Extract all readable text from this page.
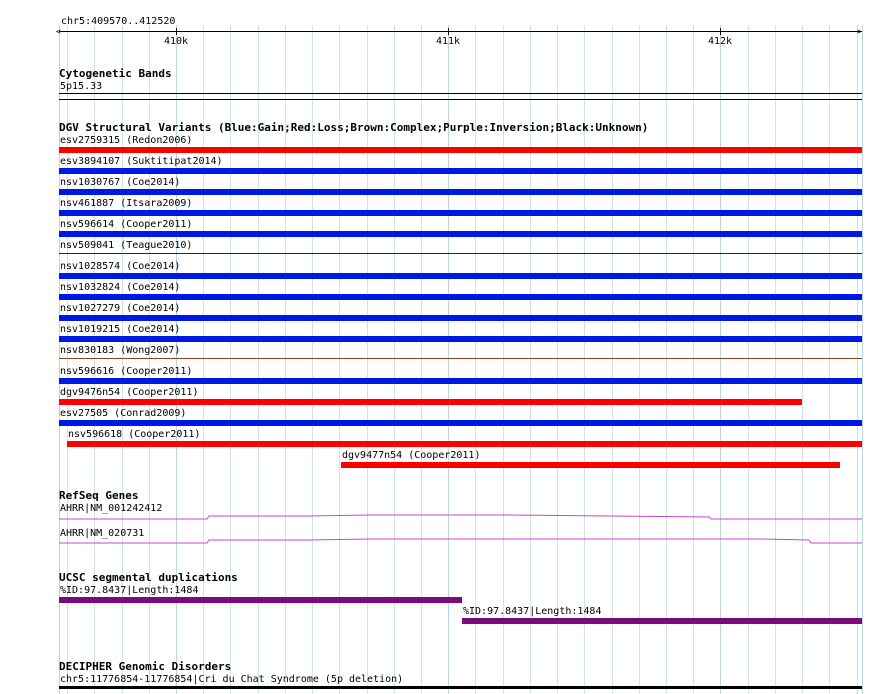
chr5:409570..412520
<	>
410k	411k	412k
Cytogenetic Bands
5p15.33
DGV Structural Variants (Blue:Gain;Red:Loss;Brown:Complex;Purple:Inversion;Black:Unknown)
esv2759315 (Redon2006)
esv3894107 (Suktitipat2014)
nsv1030767 (Coe2014)
nsv461887 (Itsara2009)
nsv596614 (Cooper2011)
nsv509041 (Teague2010)
nsv1028574 (Coe2014)
nsv1032824 (Coe2014)
nsv1027279 (Coe2014)
nsv1019215 (Coe2014)
nsv830183 (Wong2007)
nsv596616 (Cooper2011)
dgv9476n54 (Cooper2011)
esv27505 (Conrad2009)
nsv596618 (Cooper2011)
dgv9477n54 (Cooper2011)
RefSeq Genes
AHRR|NM_001242412
AHRR|NM_020731
UCSC segmental duplications
%ID:97.8437|Length:1484
%ID:97.8437|Length:1484
DECIPHER Genomic Disorders
chr5:11776854-11776854|Cri du Chat Syndrome (5p deletion)
